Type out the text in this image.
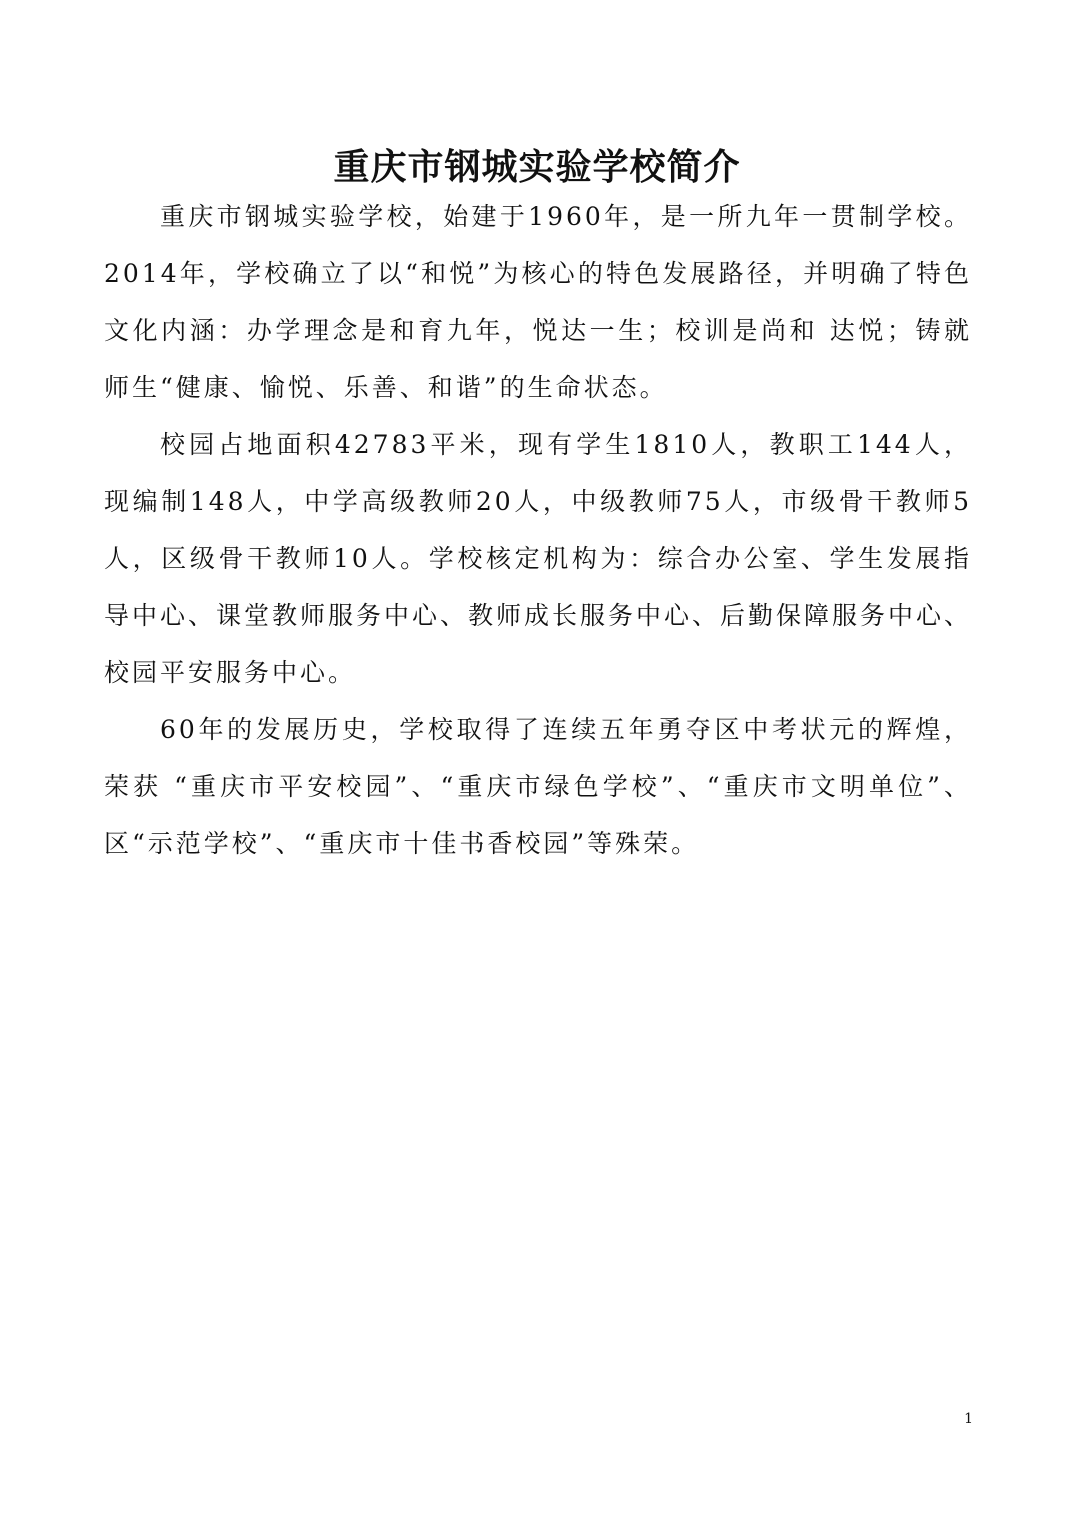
重庆市钢城实验学校简介

重庆市钢城实验学校，始建于1960年，是一所九年一贯制学校。2014年，学校确立了以“和悦”为核心的特色发展路径，并明确了特色文化内涵：办学理念是和育九年，悦达一生；校训是尚和 达悦；铸就师生“健康、愉悦、乐善、和谐”的生命状态。

校园占地面积42783平米，现有学生1810人，教职工144人，现编制148人，中学高级教师20人，中级教师75人，市级骨干教师5人，区级骨干教师10人。学校核定机构为：综合办公室、学生发展指导中心、课堂教师服务中心、教师成长服务中心、后勤保障服务中心、校园平安服务中心。

60年的发展历史，学校取得了连续五年勇夺区中考状元的辉煌，荣获 “重庆市平安校园”、“重庆市绿色学校”、“重庆市文明单位”、区“示范学校”、“重庆市十佳书香校园”等殊荣。

1
